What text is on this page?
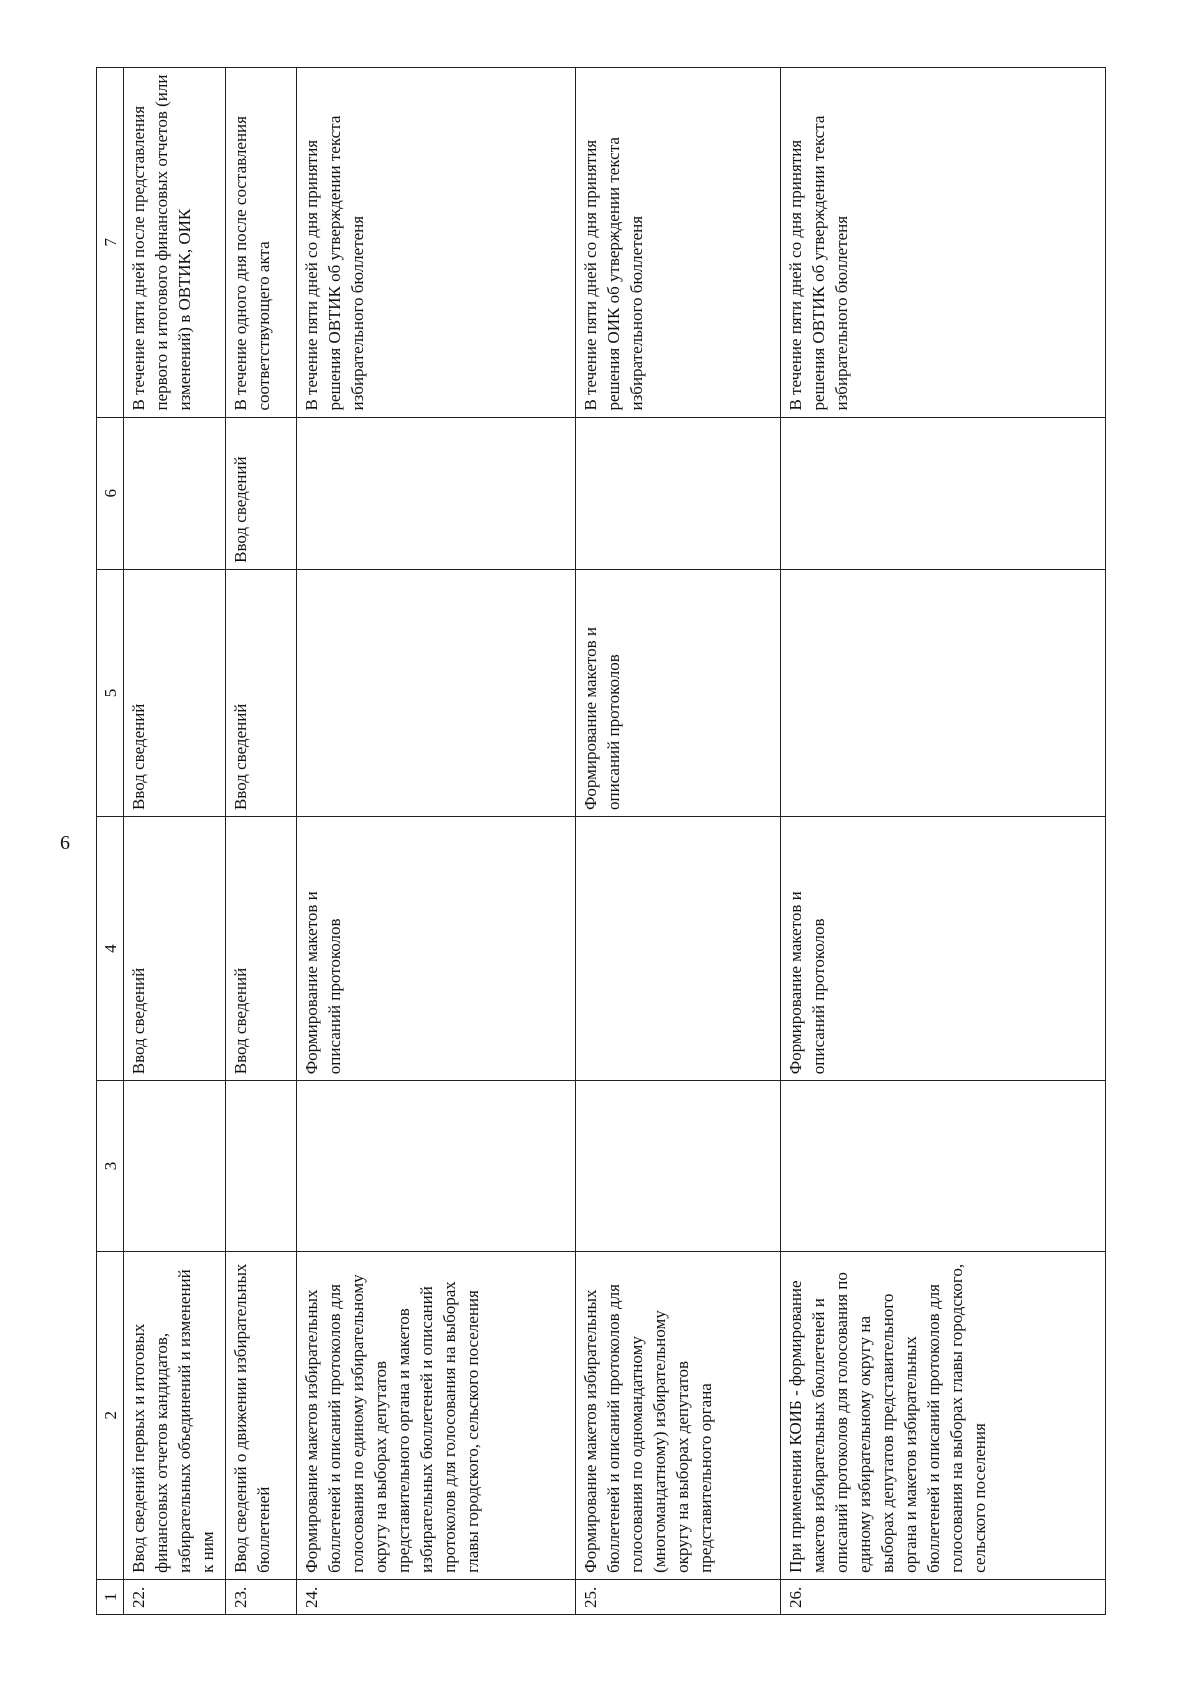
6
1	2	3	4	5	6	7
22.	Ввод сведений первых и итоговых финансовых отчетов кандидатов, избирательных объединений и изменений к ним		Ввод сведений	Ввод сведений		В течение пяти дней после представления первого и итогового финансовых отчетов (или изменений) в ОВТИК, ОИК
23.	Ввод сведений о движении избирательных бюллетеней		Ввод сведений	Ввод сведений	Ввод сведений	В течение одного дня после составления соответствующего акта
24.	Формирование макетов избирательных бюллетеней и описаний протоколов для голосования по единому избирательному округу на выборах депутатов представительного органа и макетов избирательных бюллетеней и описаний протоколов для голосования на выборах главы городского, сельского поселения		Формирование макетов и описаний протоколов			В течение пяти дней со дня принятия решения ОВТИК об утверждении текста избирательного бюллетеня
25.	Формирование макетов избирательных бюллетеней и описаний протоколов для голосования по одномандатному (многомандатному) избирательному округу на выборах депутатов представительного органа			Формирование макетов и описаний протоколов		В течение пяти дней со дня принятия решения ОИК об утверждении текста избирательного бюллетеня
26.	При применении КОИБ - формирование макетов избирательных бюллетеней и описаний протоколов для голосования по единому избирательному округу на выборах депутатов представительного органа и макетов избирательных бюллетеней и описаний протоколов для голосования на выборах главы городского, сельского поселения		Формирование макетов и описаний протоколов			В течение пяти дней со дня принятия решения ОВТИК об утверждении текста избирательного бюллетеня
